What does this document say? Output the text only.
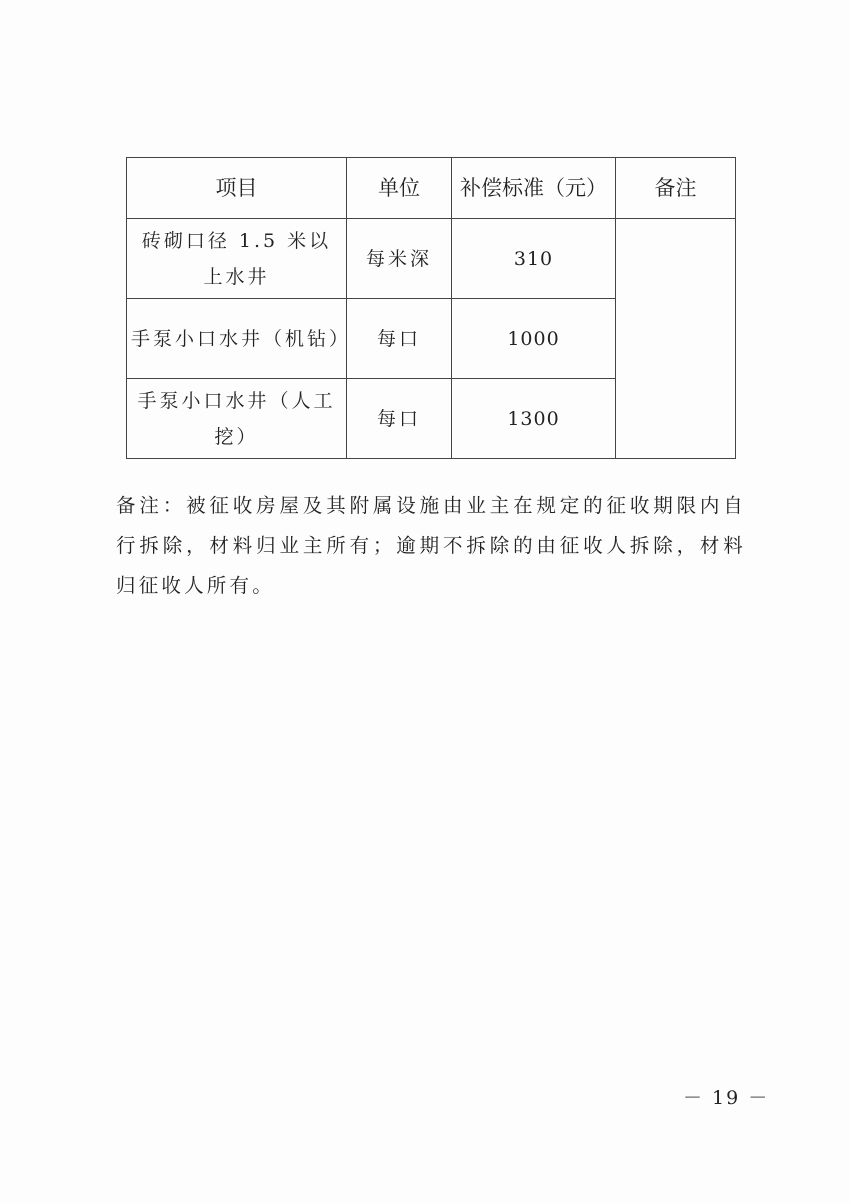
项目	单位	补偿标准（元）	备注
砖砌口径 1.5 米以上水井	每米深	310	
手泵小口水井（机钻）	每口	1000	
手泵小口水井（人工挖）	每口	1300	

备注：被征收房屋及其附属设施由业主在规定的征收期限内自行拆除，材料归业主所有；逾期不拆除的由征收人拆除，材料归征收人所有。

－ 19 －
